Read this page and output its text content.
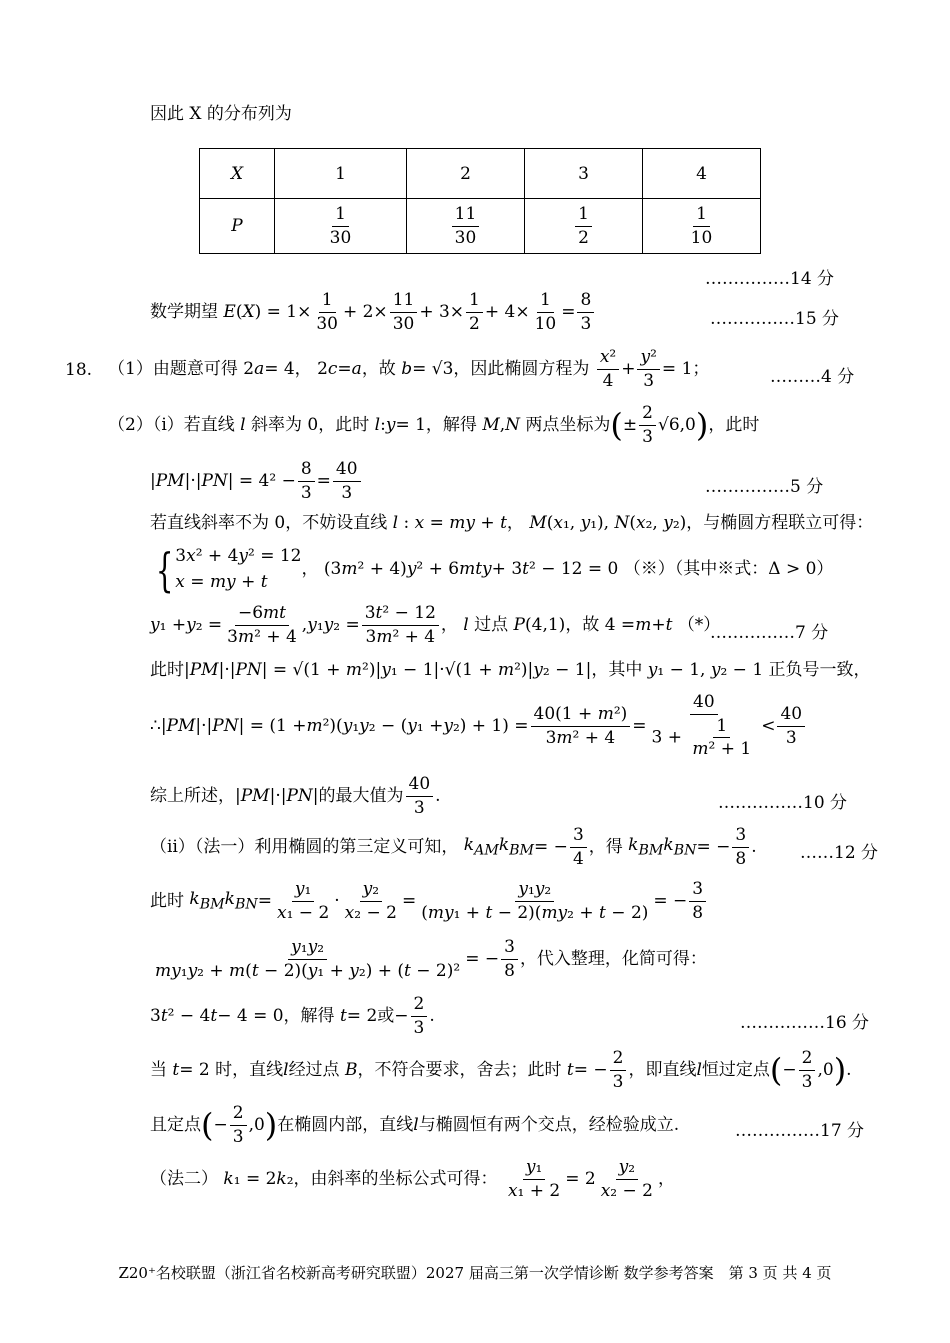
因此 X 的分布列为
X	1	2	3	4
P	$\frac{1}{30}$	$\frac{11}{30}$	$\frac{1}{2}$	$\frac{1}{10}$
……………14 分
数学期望
E ( X ) = $1\times \frac{1}{30} + 2\times \frac{11}{30} + 3\times \frac{1}{2} + 4\times \frac{1}{10} = \frac{8}{3}$	……………15 分
18. （1）由题意可得 2 a = 4， 2 c = a ，故
b = √3 ，因此椭圆方程为
$\frac{\text{x²}}{4} + \frac{\text{y²}}{3} = 1$；	………4 分
（2）（ⅰ）若直线
l
斜率为 0，此时
l : y = 1 ，解得
M , N
两点坐标为 ( ± $\frac{2}{3} √6,0$ ) ，此时
| PM |·| PN | = $4^2 - \frac{8}{3} = \frac{40}{3}$	……………5 分
若直线斜率不为 0，不妨设直线 l : x = my + t， M(x₁, y₁), N(x₂, y₂)，与椭圆方程联立可得：
{ 3x² + 4y² = 12
x = my + t
， (3 m ² + 4) y ² + 6 mty + 3 t ² − 12 = 0 （※）（其中※式：Δ > 0）
y ₁ + y $_2 = \frac{-6mt}{\text{3m² + 4}}$ , y ₁ y $_2 = \frac{\text{3t² − 12}}{\text{3m² + 4}}$ ， l
过点
P (4,1) ，故 4 = m + t
（*）
……………7 分
此时|PM|·|PN| = √(1 + m²)|y₁ − 1|·√(1 + m²)|y₂ − 1|，其中 y₁ − 1, y₂ − 1 正负号一致，
∴| PM |·| PN | = (1 + m ²)( y ₁ y ₂ − ( y ₁ + y $_2) + 1) = \frac{\text{40(1 + m²)}}{\text{3m² + 4}} = \frac{40}{3 + \frac{1}{\text{m² + 1}}} < \frac{40}{3}$
综上所述， | PM |·| PN | 的最大值为 $\frac{40}{3}$ .	……………10 分
（ⅱ）（法一）利用椭圆的第三定义可知，
$k_{AM}k_{BM}$ = − $\frac{3}{4}$ ，得
$k_{BM}k_{BN}$ = − $\frac{3}{8}$ .	……12 分
此时
$k_{BM}k_{BN} = \frac{\text{y₁}}{\text{x₁ − 2}} \cdot \frac{\text{y₂}}{\text{x₂ − 2}} = \frac{\text{y₁y₂}}{\text{(my₁ + t − 2)(my₂ + t − 2)}}$ = − $\frac{3}{8}$
$\frac{\text{y₁y₂}}{\text{my₁y₂ + m(t − 2)(y₁ + y₂) + (t − 2)²}}$ = − $\frac{3}{8}$ ，代入整理，化简可得：
3 t ² − 4 t − 4 = 0 ，解得
t = 2 或 − $\frac{2}{3}$ .	……………16 分
当
t = 2 时，直线 l 经过点
B ，不符合要求，舍去；此时
t = − $\frac{2}{3}$ ，即直线 l 恒过定点 ( − $\frac{2}{3} ,0$ ) .
且定点 ( − $\frac{2}{3} ,0$ ) 在椭圆内部，直线 l 与椭圆恒有两个交点，经检验成立.	……………17 分
（法二）
k ₁ = 2 k ₂ ，由斜率的坐标公式可得：
$\frac{\text{y₁}}{\text{x₁ + 2}} = 2 \frac{\text{y₂}}{\text{x₂ − 2}}$ ，
Z20⁺名校联盟（浙江省名校新高考研究联盟）2027 届高三第一次学情诊断 数学参考答案　第 3 页 共 4 页
